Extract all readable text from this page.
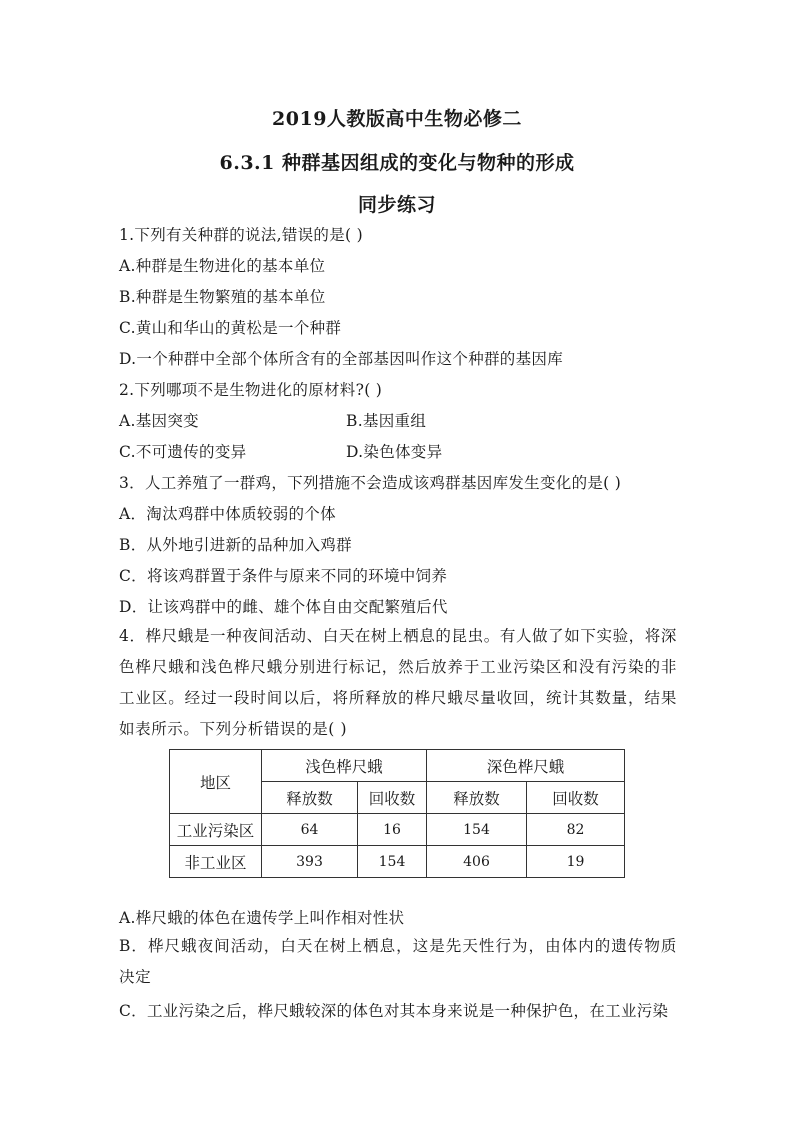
2019人教版高中生物必修二
6.3.1 种群基因组成的变化与物种的形成
同步练习
1.下列有关种群的说法,错误的是( )
A.种群是生物进化的基本单位
B.种群是生物繁殖的基本单位
C.黄山和华山的黄松是一个种群
D.一个种群中全部个体所含有的全部基因叫作这个种群的基因库
2.下列哪项不是生物进化的原材料?( )
A.基因突变	B.基因重组
C.不可遗传的变异	D.染色体变异
3．人工养殖了一群鸡，下列措施不会造成该鸡群基因库发生变化的是( )
A．淘汰鸡群中体质较弱的个体
B．从外地引进新的品种加入鸡群
C．将该鸡群置于条件与原来不同的环境中饲养
D．让该鸡群中的雌、雄个体自由交配繁殖后代
4．桦尺蛾是一种夜间活动、白天在树上栖息的昆虫。有人做了如下实验，将深色桦尺蛾和浅色桦尺蛾分别进行标记，然后放养于工业污染区和没有污染的非工业区。经过一段时间以后，将所释放的桦尺蛾尽量收回，统计其数量，结果如表所示。下列分析错误的是( )
地区	浅色桦尺蛾		深色桦尺蛾	
	释放数	回收数	释放数	回收数
工业污染区	64	16	154	82
非工业区	393	154	406	19
A.桦尺蛾的体色在遗传学上叫作相对性状
B．桦尺蛾夜间活动，白天在树上栖息，这是先天性行为，由体内的遗传物质决定
C．工业污染之后，桦尺蛾较深的体色对其本身来说是一种保护色，在工业污染
